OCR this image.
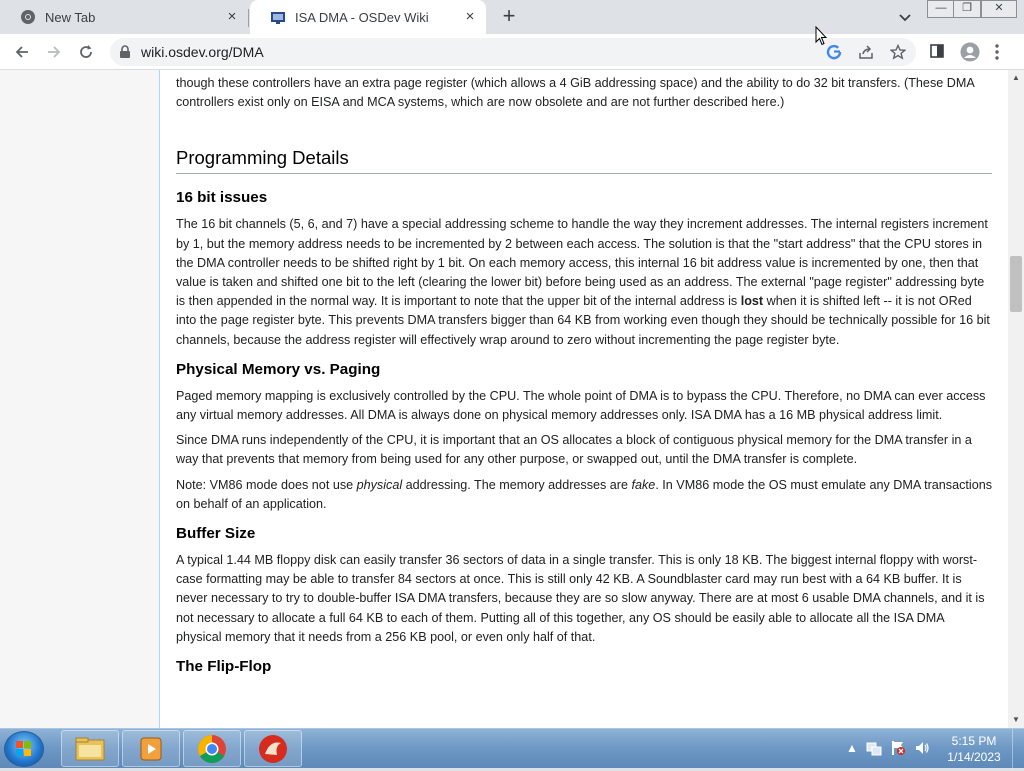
New Tab	×	ISA DMA - OSDev Wiki × +	—	❐	✕
wiki.osdev.org/DMA

though these controllers have an extra page register (which allows a 4 GiB addressing space) and the ability to do 32 bit transfers. (These DMA controllers exist only on EISA and MCA systems, which are now obsolete and are not further described here.)

Programming Details
16 bit issues

The 16 bit channels (5, 6, and 7) have a special addressing scheme to handle the way they increment addresses. The internal registers increment by 1, but the memory address needs to be incremented by 2 between each access. The solution is that the "start address" that the CPU stores in the DMA controller needs to be shifted right by 1 bit. On each memory access, this internal 16 bit address value is incremented by one, then that value is taken and shifted one bit to the left (clearing the lower bit) before being used as an address. The external "page register" addressing byte is then appended in the normal way. It is important to note that the upper bit of the internal address is lost when it is shifted left -- it is not ORed into the page register byte. This prevents DMA transfers bigger than 64 KB from working even though they should be technically possible for 16 bit channels, because the address register will effectively wrap around to zero without incrementing the page register byte.

Physical Memory vs. Paging

Paged memory mapping is exclusively controlled by the CPU. The whole point of DMA is to bypass the CPU. Therefore, no DMA can ever access any virtual memory addresses. All DMA is always done on physical memory addresses only. ISA DMA has a 16 MB physical address limit.

Since DMA runs independently of the CPU, it is important that an OS allocates a block of contiguous physical memory for the DMA transfer in a way that prevents that memory from being used for any other purpose, or swapped out, until the DMA transfer is complete.

Note: VM86 mode does not use physical addressing. The memory addresses are fake. In VM86 mode the OS must emulate any DMA transactions on behalf of an application.

Buffer Size

A typical 1.44 MB floppy disk can easily transfer 36 sectors of data in a single transfer. This is only 18 KB. The biggest internal floppy with worst-case formatting may be able to transfer 84 sectors at once. This is still only 42 KB. A Soundblaster card may run best with a 64 KB buffer. It is never necessary to try to double-buffer ISA DMA transfers, because they are so slow anyway. There are at most 6 usable DMA channels, and it is not necessary to allocate a full 64 KB to each of them. Putting all of this together, any OS should be easily able to allocate all the ISA DMA physical memory that it needs from a 256 KB pool, or even only half of that.

The Flip-Flop
▲
▼
▲	5:15 PM
1/14/2023
